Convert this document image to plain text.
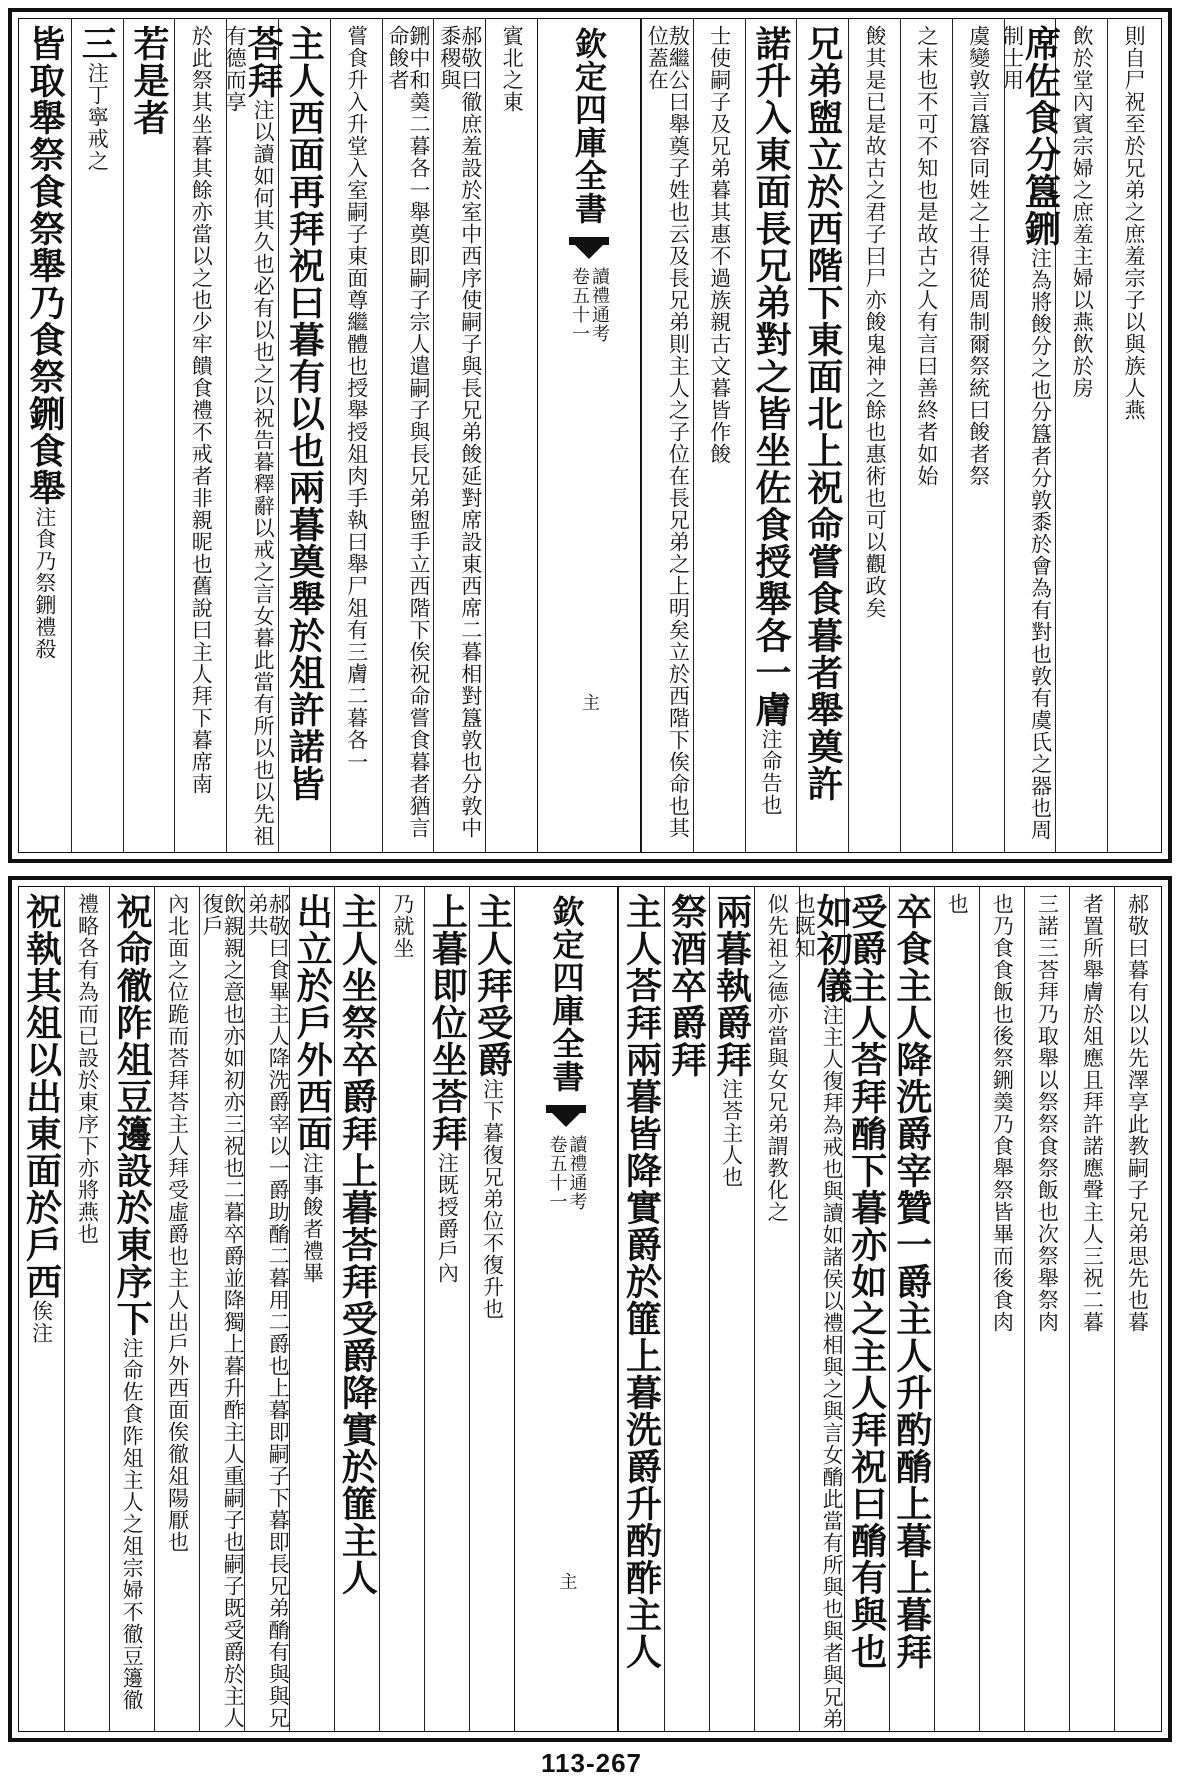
賓北之東
郝敬曰徹庶羞設於室中西序使嗣子與長兄弟餕延對席設東西席二暮相對簋敦也分敦中黍稷與
鉶中和羮二暮各一舉奠即嗣子宗人遣嗣子與長兄弟盥手立西階下俟祝命嘗食暮者猶言命餕者
嘗食升入升堂入室嗣子東面尊繼體也授舉授俎肉手執曰舉尸俎有三膚二暮各一
主人西面再拜祝曰暮有以也兩暮奠舉於俎許諾皆
荅拜注以讀如何其久也必有以也之以祝告暮釋辭以戒之言女暮此當有所以也以先祖有德而享
於此祭其坐暮其餘亦當以之也少牢饋食禮不戒者非親昵也舊說曰主人拜下暮席南
若是者
三注丁寧戒之
皆取舉祭食祭舉乃食祭鉶食舉注食乃祭鉶禮殺
欽定四庫全書
讀禮通考
卷五十一
主
則自尸祝至於兄弟之庶羞宗子以與族人燕
飲於堂內賓宗婦之庶羞主婦以燕飲於房
席佐食分簋鉶注為將餕分之也分簋者分敦黍於會為有對也敦有虞氏之器也周制士用
虞變敦言簋容同姓之士得從周制爾祭統曰餕者祭
之末也不可不知也是故古之人有言曰善終者如始
餕其是已是故古之君子曰尸亦餕鬼神之餘也惠術也可以觀政矣
兄弟盥立於西階下東面北上祝命嘗食暮者舉奠許
諾升入東面長兄弟對之皆坐佐食授舉各一膚注命告也
士使嗣子及兄弟暮其惠不過族親古文暮皆作餕
敖繼公曰舉奠子姓也云及長兄弟則主人之子位在長兄弟之上明矣立於西階下俟命也其位蓋在
主人拜受爵注下暮復兄弟位不復升也
上暮即位坐荅拜注既授爵戶內
乃就坐
主人坐祭卒爵拜上暮荅拜受爵降實於篚主人
出立於戶外西面注事餕者禮畢
郝敬曰食畢主人降洗爵宰以一爵助酳二暮用二爵也上暮即嗣子下暮即長兄弟酳有與與兄弟共
飲親親之意也亦如初亦三祝也二暮卒爵並降獨上暮升酢主人重嗣子也嗣子既受爵於主人復戶
內北面之位跪而荅拜荅主人拜受虛爵也主人出戶外西面俟徹俎陽厭也
祝命徹阼俎豆籩設於東序下注命佐食阼俎主人之俎宗婦不徹豆籩徹
禮略各有為而已設於東序下亦將燕也
祝執其俎以出東面於戶西俟注
欽定四庫全書
讀禮通考
卷五十一
主
郝敬曰暮有以以先澤享此教嗣子兄弟思先也暮
者置所舉膚於俎應且拜許諾應聲主人三祝二暮
三諾三荅拜乃取舉以祭祭食祭飯也次祭舉祭肉
也乃食食飯也後祭鉶羮乃食舉祭皆畢而後食肉
也
卒食主人降洗爵宰贊一爵主人升酌酳上暮上暮拜
受爵主人荅拜酳下暮亦如之主人拜祝曰酳有與也
如初儀注主人復拜為戒也與讀如諸侯以禮相與之與言女酳此當有所與也與者與兄弟也既知
似先祖之德亦當與女兄弟謂教化之
兩暮執爵拜注荅主人也
祭酒卒爵拜
主人荅拜兩暮皆降實爵於篚上暮洗爵升酌酢主人
113-267
